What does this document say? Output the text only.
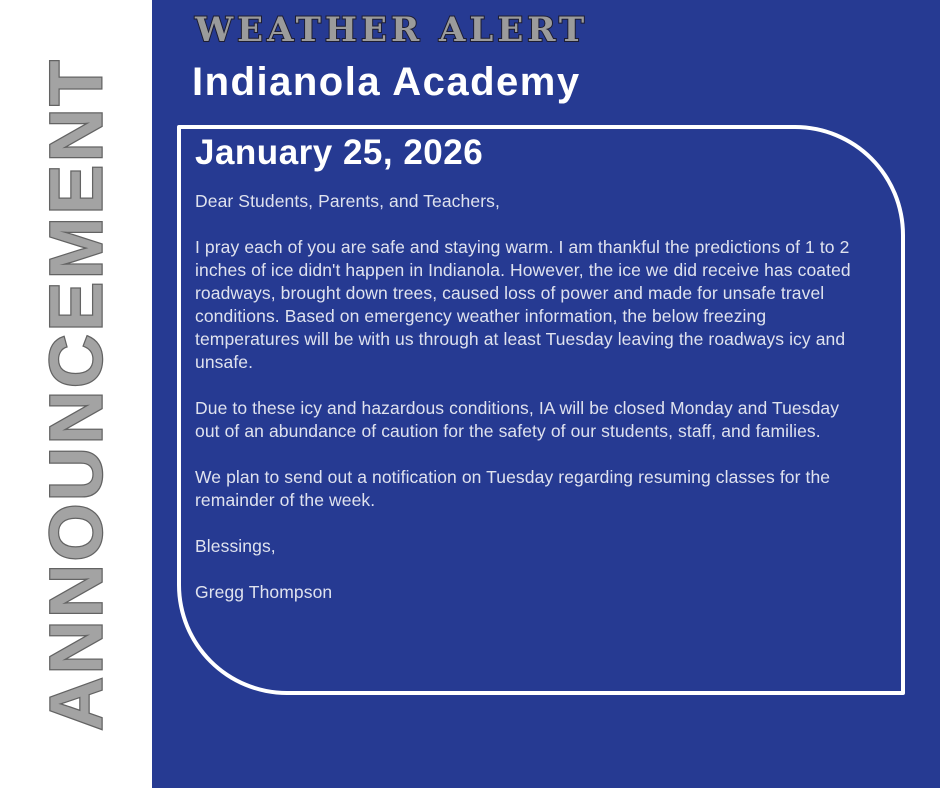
ANNOUNCEMENT
WEATHER ALERT
Indianola Academy
January 25, 2026

Dear Students, Parents, and Teachers,

I pray each of you are safe and staying warm. I am thankful the predictions of 1 to 2 inches of ice didn't happen in Indianola. However, the ice we did receive has coated roadways, brought down trees, caused loss of power and made for unsafe travel conditions. Based on emergency weather information, the below freezing temperatures will be with us through at least Tuesday leaving the roadways icy and unsafe.

Due to these icy and hazardous conditions, IA will be closed Monday and Tuesday out of an abundance of caution for the safety of our students, staff, and families.

We plan to send out a notification on Tuesday regarding resuming classes for the remainder of the week.

Blessings,

Gregg Thompson
